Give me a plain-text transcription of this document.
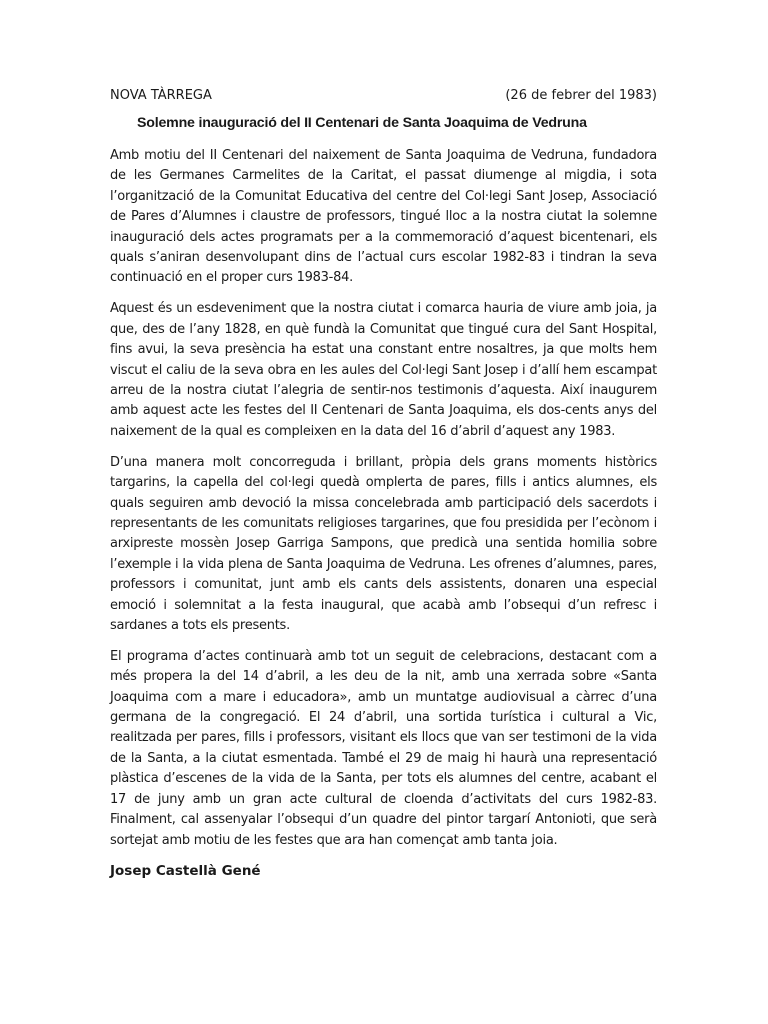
NOVA TÀRREGA	(26 de febrer del 1983)
Solemne inauguració del II Centenari de Santa Joaquima de Vedruna

Amb motiu del II Centenari del naixement de Santa Joaquima de Vedruna, fundadora de les Germanes Carmelites de la Caritat, el passat diumenge al migdia, i sota l’organització de la Comunitat Educativa del centre del Col·legi Sant Josep, Associació de Pares d’Alumnes i claustre de professors, tingué lloc a la nostra ciutat la solemne inauguració dels actes programats per a la commemoració d’aquest bicentenari, els quals s’aniran desenvolupant dins de l’actual curs escolar 1982-83 i tindran la seva continuació en el proper curs 1983-84.

Aquest és un esdeveniment que la nostra ciutat i comarca hauria de viure amb joia, ja que, des de l’any 1828, en què fundà la Comunitat que tingué cura del Sant Hospital, fins avui, la seva presència ha estat una constant entre nosaltres, ja que molts hem viscut el caliu de la seva obra en les aules del Col·legi Sant Josep i d’allí hem escampat arreu de la nostra ciutat l’alegria de sentir-nos testimonis d’aquesta. Així inaugurem amb aquest acte les festes del II Centenari de Santa Joaquima, els dos-cents anys del naixement de la qual es compleixen en la data del 16 d’abril d’aquest any 1983.

D’una manera molt concorreguda i brillant, pròpia dels grans moments històrics targarins, la capella del col·legi quedà omplerta de pares, fills i antics alumnes, els quals seguiren amb devoció la missa concelebrada amb participació dels sacerdots i representants de les comunitats religioses targarines, que fou presidida per l’ecònom i arxipreste mossèn Josep Garriga Sampons, que predicà una sentida homilia sobre l’exemple i la vida plena de Santa Joaquima de Vedruna. Les ofrenes d’alumnes, pares, professors i comunitat, junt amb els cants dels assistents, donaren una especial emoció i solemnitat a la festa inaugural, que acabà amb l’obsequi d’un refresc i sardanes a tots els presents.

El programa d’actes continuarà amb tot un seguit de celebracions, destacant com a més propera la del 14 d’abril, a les deu de la nit, amb una xerrada sobre «Santa Joaquima com a mare i educadora», amb un muntatge audiovisual a càrrec d’una germana de la congregació. El 24 d’abril, una sortida turística i cultural a Vic, realitzada per pares, fills i professors, visitant els llocs que van ser testimoni de la vida de la Santa, a la ciutat esmentada. També el 29 de maig hi haurà una representació plàstica d’escenes de la vida de la Santa, per tots els alumnes del centre, acabant el 17 de juny amb un gran acte cultural de cloenda d’activitats del curs 1982-83. Finalment, cal assenyalar l’obsequi d’un quadre del pintor targarí Antonioti, que serà sortejat amb motiu de les festes que ara han començat amb tanta joia.

Josep Castellà Gené
